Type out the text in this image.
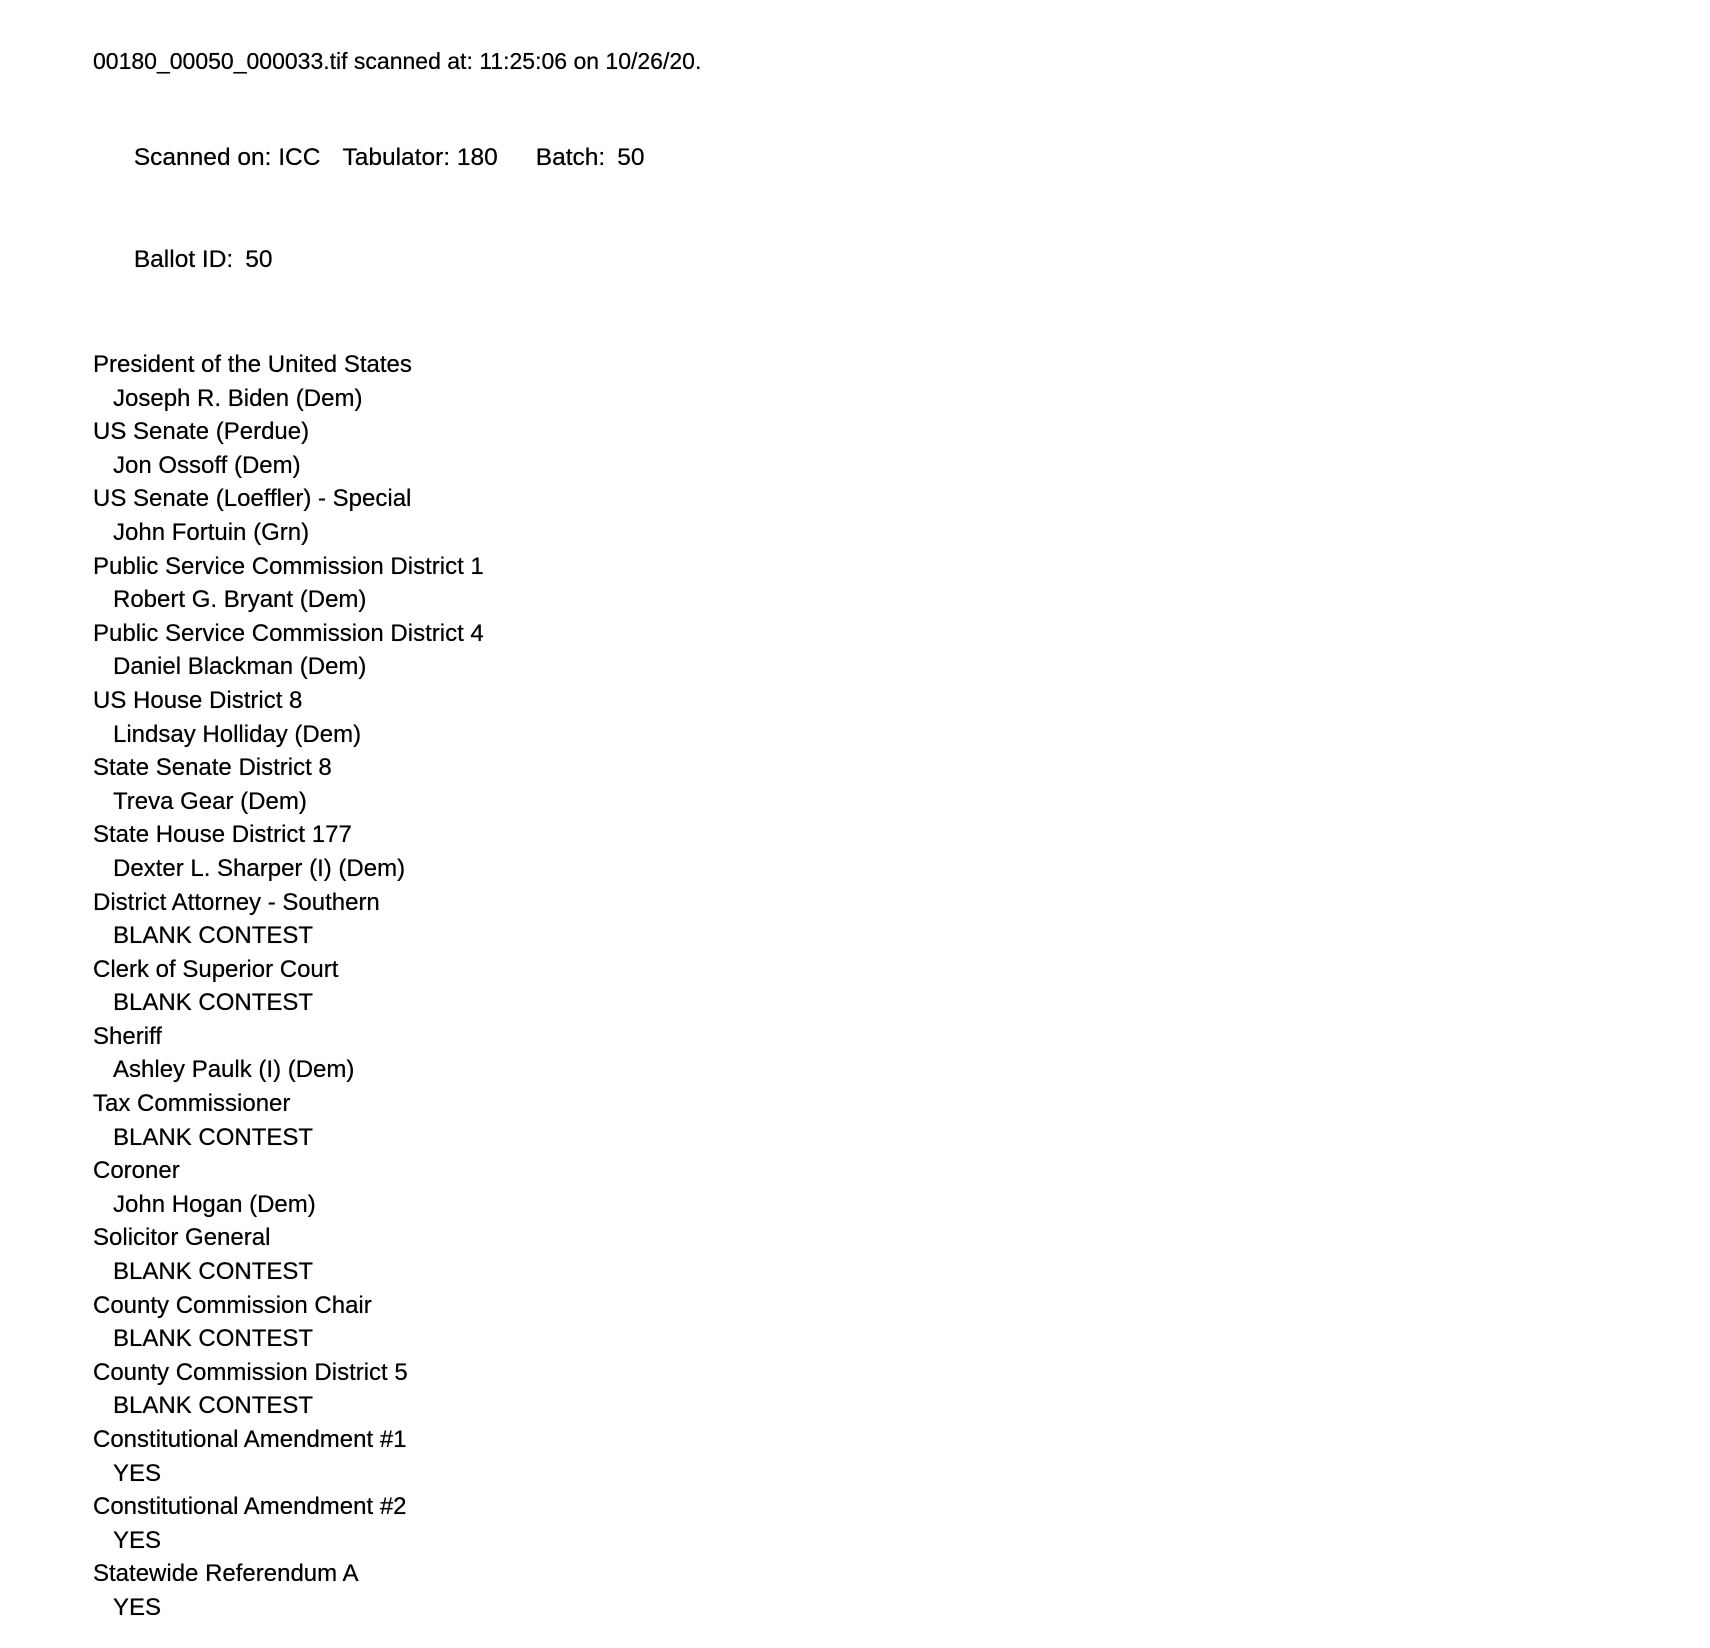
00180_00050_000033.tif scanned at: 11:25:06 on 10/26/20.

Scanned on: ICC Tabulator: 180 Batch: 50

Ballot ID: 50

President of the United States
Joseph R. Biden (Dem)
US Senate (Perdue)
Jon Ossoff (Dem)
US Senate (Loeffler) - Special
John Fortuin (Grn)
Public Service Commission District 1
Robert G. Bryant (Dem)
Public Service Commission District 4
Daniel Blackman (Dem)
US House District 8
Lindsay Holliday (Dem)
State Senate District 8
Treva Gear (Dem)
State House District 177
Dexter L. Sharper (I) (Dem)
District Attorney - Southern
BLANK CONTEST
Clerk of Superior Court
BLANK CONTEST
Sheriff
Ashley Paulk (I) (Dem)
Tax Commissioner
BLANK CONTEST
Coroner
John Hogan (Dem)
Solicitor General
BLANK CONTEST
County Commission Chair
BLANK CONTEST
County Commission District 5
BLANK CONTEST
Constitutional Amendment #1
YES
Constitutional Amendment #2
YES
Statewide Referendum A
YES
